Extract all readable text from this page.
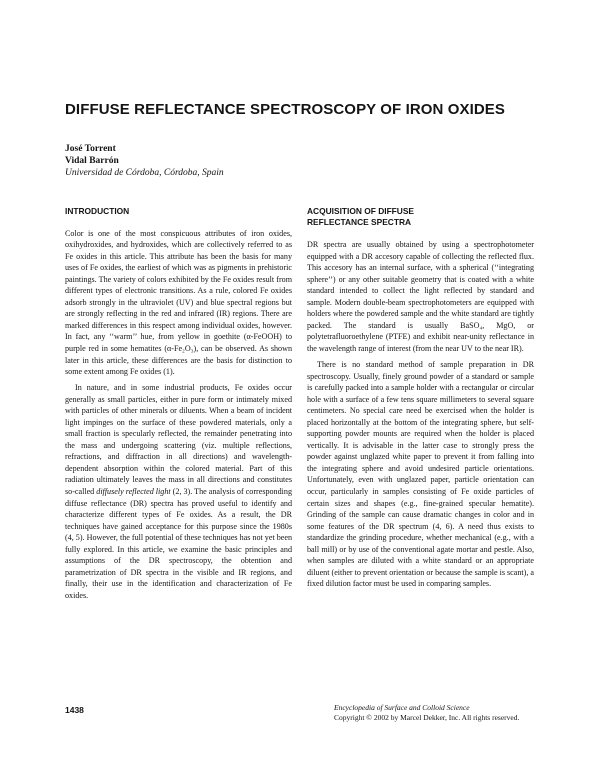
DIFFUSE REFLECTANCE SPECTROSCOPY OF IRON OXIDES
José Torrent
Vidal Barrón
Universidad de Córdoba, Córdoba, Spain
INTRODUCTION

Color is one of the most conspicuous attributes of iron oxides, oxihydroxides, and hydroxides, which are collectively referred to as Fe oxides in this article. This attribute has been the basis for many uses of Fe oxides, the earliest of which was as pigments in prehistoric paintings. The variety of colors exhibited by the Fe oxides result from different types of electronic transitions. As a rule, colored Fe oxides adsorb strongly in the ultraviolet (UV) and blue spectral regions but are strongly reflecting in the red and infrared (IR) regions. There are marked differences in this respect among individual oxides, however. In fact, any ‘‘warm’’ hue, from yellow in goethite (α-FeOOH) to purple red in some hematites (α-Fe₂O₃), can be observed. As shown later in this article, these differences are the basis for distinction to some extent among Fe oxides (1).

In nature, and in some industrial products, Fe oxides occur generally as small particles, either in pure form or intimately mixed with particles of other minerals or diluents. When a beam of incident light impinges on the surface of these powdered materials, only a small fraction is specularly reflected, the remainder penetrating into the mass and undergoing scattering (viz. multiple reflections, refractions, and diffraction in all directions) and wavelength-dependent absorption within the colored material. Part of this radiation ultimately leaves the mass in all directions and constitutes so-called diffusely reflected light (2, 3). The analysis of corresponding diffuse reflectance (DR) spectra has proved useful to identify and characterize different types of Fe oxides. As a result, the DR techniques have gained acceptance for this purpose since the 1980s (4, 5). However, the full potential of these techniques has not yet been fully explored. In this article, we examine the basic principles and assumptions of the DR spectroscopy, the obtention and parametrization of DR spectra in the visible and IR regions, and finally, their use in the identification and characterization of Fe oxides.

ACQUISITION OF DIFFUSE
REFLECTANCE SPECTRA

DR spectra are usually obtained by using a spectrophotometer equipped with a DR accesory capable of collecting the reflected flux. This accesory has an internal surface, with a spherical (‘‘integrating sphere’’) or any other suitable geometry that is coated with a white standard intended to collect the light reflected by standard and sample. Modern double-beam spectrophotometers are equipped with holders where the powdered sample and the white standard are tightly packed. The standard is usually BaSO₄, MgO, or polytetrafluoroethylene (PTFE) and exhibit near-unity reflectance in the wavelength range of interest (from the near UV to the near IR).

There is no standard method of sample preparation in DR spectroscopy. Usually, finely ground powder of a standard or sample is carefully packed into a sample holder with a rectangular or circular hole with a surface of a few tens square millimeters to several square centimeters. No special care need be exercised when the holder is placed horizontally at the bottom of the integrating sphere, but self-supporting powder mounts are required when the holder is placed vertically. It is advisable in the latter case to strongly press the powder against unglazed white paper to prevent it from falling into the integrating sphere and avoid undesired particle orientations. Unfortunately, even with unglazed paper, particle orientation can occur, particularly in samples consisting of Fe oxide particles of certain sizes and shapes (e.g., fine-grained specular hematite). Grinding of the sample can cause dramatic changes in color and in some features of the DR spectrum (4, 6). A need thus exists to standardize the grinding procedure, whether mechanical (e.g., with a ball mill) or by use of the conventional agate mortar and pestle. Also, when samples are diluted with a white standard or an appropriate diluent (either to prevent orientation or because the sample is scant), a fixed dilution factor must be used in comparing samples.

1438	Encyclopedia of Surface and Colloid Science
Copyright © 2002 by Marcel Dekker, Inc. All rights reserved.
